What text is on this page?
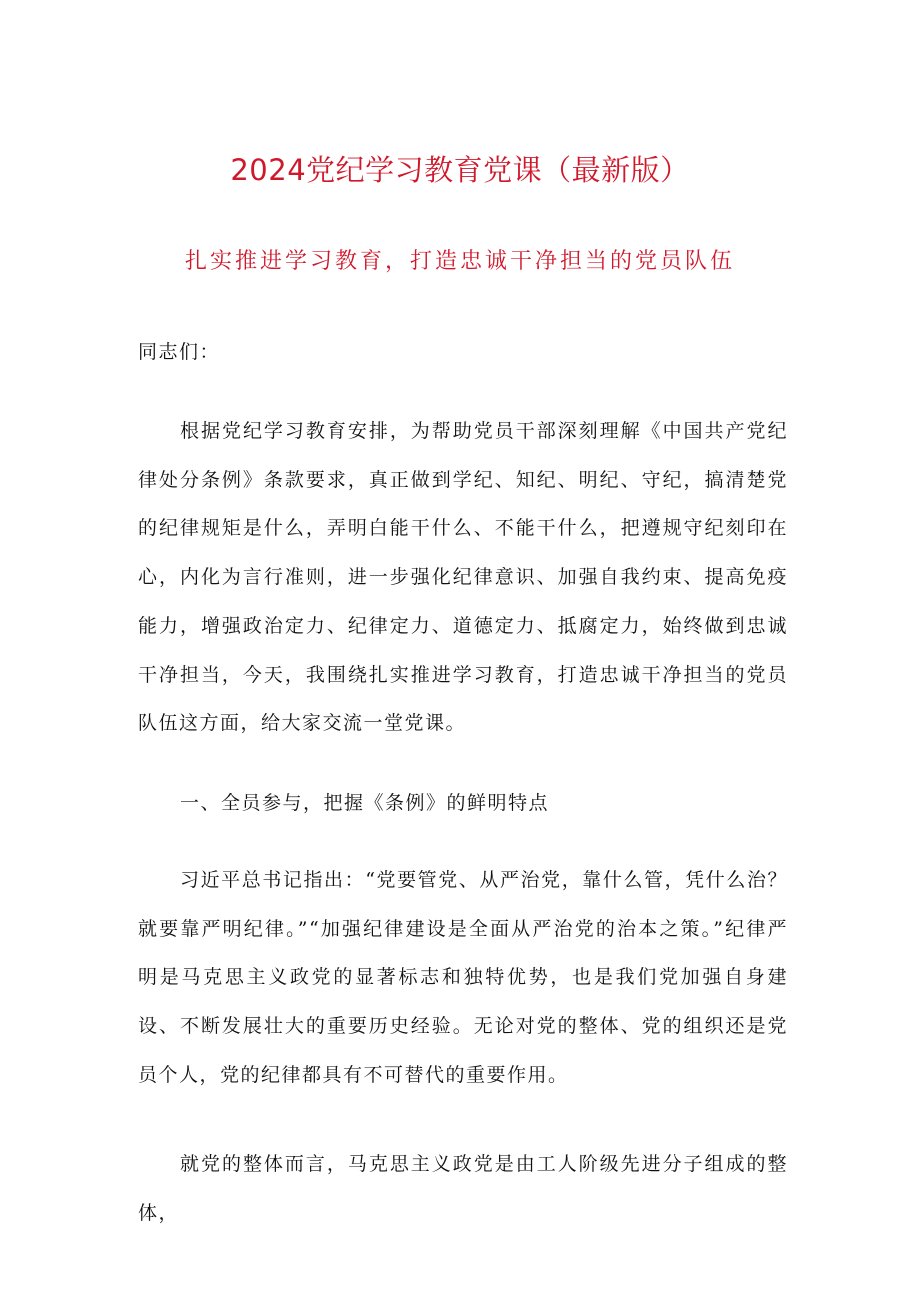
2024党纪学习教育党课（最新版）
扎实推进学习教育，打造忠诚干净担当的党员队伍

同志们：

根据党纪学习教育安排，为帮助党员干部深刻理解《中国共产党纪律处分条例》条款要求，真正做到学纪、知纪、明纪、守纪，搞清楚党的纪律规矩是什么，弄明白能干什么、不能干什么，把遵规守纪刻印在心，内化为言行准则，进一步强化纪律意识、加强自我约束、提高免疫能力，增强政治定力、纪律定力、道德定力、抵腐定力，始终做到忠诚干净担当，今天，我围绕扎实推进学习教育，打造忠诚干净担当的党员队伍这方面，给大家交流一堂党课。

一、全员参与，把握《条例》的鲜明特点

习近平总书记指出：“党要管党、从严治党，靠什么管，凭什么治？就要靠严明纪律。”“加强纪律建设是全面从严治党的治本之策。”纪律严明是马克思主义政党的显著标志和独特优势，也是我们党加强自身建设、不断发展壮大的重要历史经验。无论对党的整体、党的组织还是党员个人，党的纪律都具有不可替代的重要作用。

就党的整体而言，马克思主义政党是由工人阶级先进分子组成的整体，
